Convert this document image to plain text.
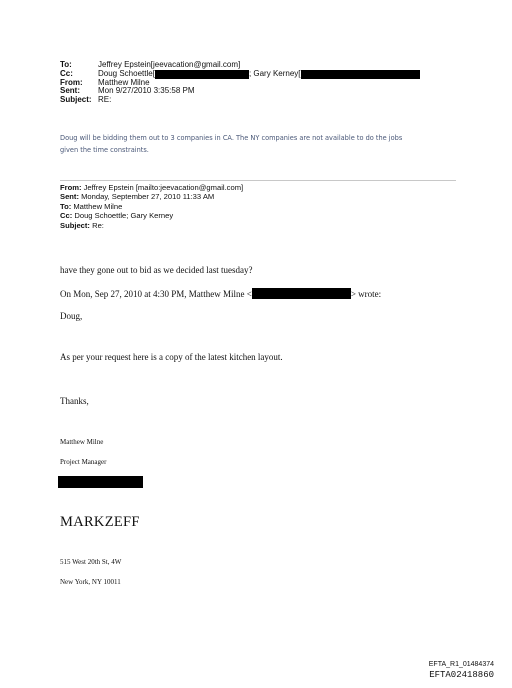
To:	Jeffrey Epstein[jeevacation@gmail.com]
Cc:	Doug Schoettle[	; Gary Kerney[
From:	Matthew Milne
Sent:	Mon 9/27/2010 3:35:58 PM
Subject: RE:
Doug will be bidding them out to 3 companies in CA. The NY companies are not available to do the jobs
given the time constraints.
From: Jeffrey Epstein [mailto:jeevacation@gmail.com]
Sent: Monday, September 27, 2010 11:33 AM
To: Matthew Milne
Cc: Doug Schoettle; Gary Kerney
Subject: Re:
have they gone out to bid as we decided last tuesday?
On Mon, Sep 27, 2010 at 4:30 PM, Matthew Milne <	> wrote:
Doug,
As per your request here is a copy of the latest kitchen layout.
Thanks,
Matthew Milne
Project Manager
MARKZEFF
515 West 20th St, 4W
New York, NY 10011
EFTA_R1_01484374
EFTA02418860
